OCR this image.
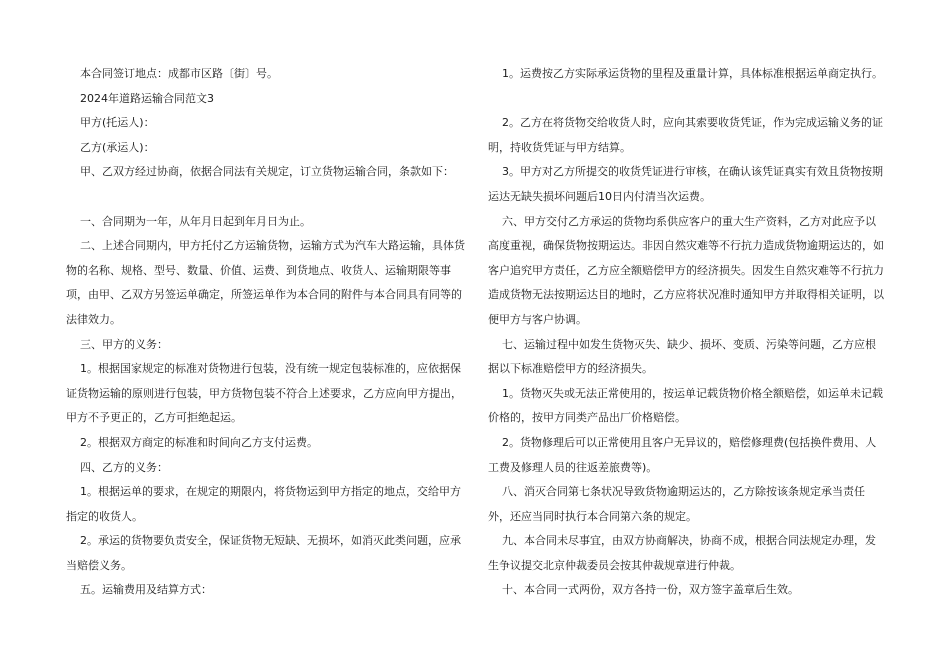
本合同签订地点：成都市区路〔街〕号。

2024年道路运输合同范文3

甲方(托运人)：

乙方(承运人)：

甲、乙双方经过协商，依据合同法有关规定，订立货物运输合同，条款如下：

一、合同期为一年，从年月日起到年月日为止。

二、上述合同期内，甲方托付乙方运输货物，运输方式为汽车大路运输，具体货物的名称、规格、型号、数量、价值、运费、到货地点、收货人、运输期限等事项，由甲、乙双方另签运单确定，所签运单作为本合同的附件与本合同具有同等的法律效力。

三、甲方的义务：

1。根据国家规定的标准对货物进行包装，没有统一规定包装标准的，应依据保证货物运输的原则进行包装，甲方货物包装不符合上述要求，乙方应向甲方提出，甲方不予更正的，乙方可拒绝起运。

2。根据双方商定的标准和时间向乙方支付运费。

四、乙方的义务：

1。根据运单的要求，在规定的期限内，将货物运到甲方指定的地点，交给甲方指定的收货人。

2。承运的货物要负责安全，保证货物无短缺、无损坏，如消灭此类问题，应承当赔偿义务。

五。运输费用及结算方式：

1。运费按乙方实际承运货物的里程及重量计算，具体标准根据运单商定执行。

2。乙方在将货物交给收货人时，应向其索要收货凭证，作为完成运输义务的证明，持收货凭证与甲方结算。

3。甲方对乙方所提交的收货凭证进行审核，在确认该凭证真实有效且货物按期运达无缺失损坏问题后10日内付清当次运费。

六、甲方交付乙方承运的货物均系供应客户的重大生产资料，乙方对此应予以高度重视，确保货物按期运达。非因自然灾难等不行抗力造成货物逾期运达的，如客户追究甲方责任，乙方应全额赔偿甲方的经济损失。因发生自然灾难等不行抗力造成货物无法按期运达目的地时，乙方应将状况准时通知甲方并取得相关证明，以便甲方与客户协调。

七、运输过程中如发生货物灭失、缺少、损坏、变质、污染等问题，乙方应根据以下标准赔偿甲方的经济损失。

1。货物灭失或无法正常使用的，按运单记载货物价格全额赔偿，如运单未记载价格的，按甲方同类产品出厂价格赔偿。

2。货物修理后可以正常使用且客户无异议的，赔偿修理费(包括换件费用、人工费及修理人员的往返差旅费等)。

八、消灭合同第七条状况导致货物逾期运达的，乙方除按该条规定承当责任外，还应当同时执行本合同第六条的规定。

九、本合同未尽事宜，由双方协商解决，协商不成，根据合同法规定办理，发生争议提交北京仲裁委员会按其仲裁规章进行仲裁。

十、本合同一式两份，双方各持一份，双方签字盖章后生效。
